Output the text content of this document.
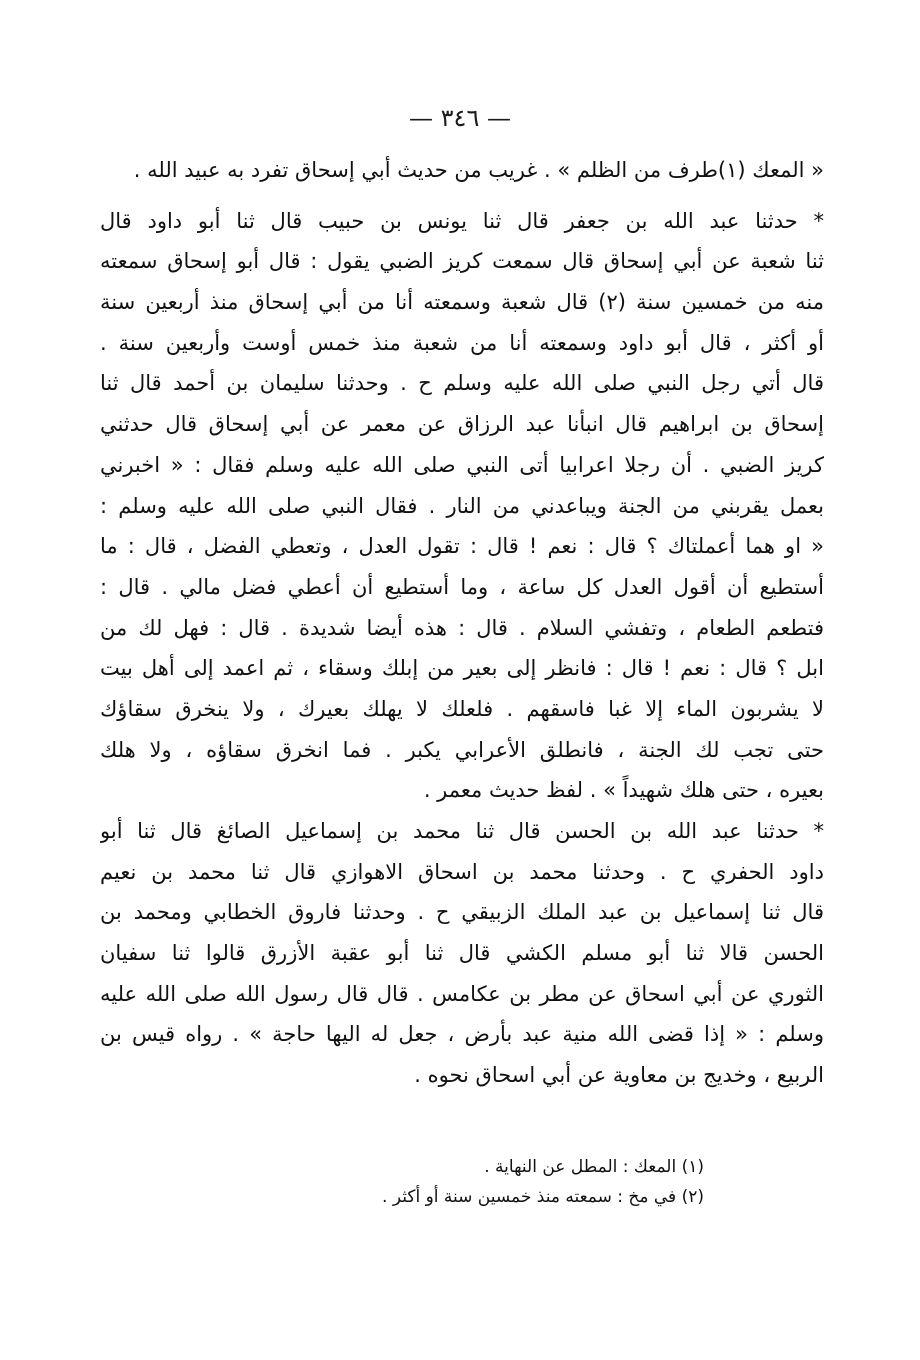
— ٣٤٦ —
« المعك (١)طرف من الظلم » . غريب من حديث أبي إسحاق تفرد به عبيد الله .
* حدثنا عبد الله بن جعفر قال ثنا يونس بن حبيب قال ثنا أبو داود قال
ثنا شعبة عن أبي إسحاق قال سمعت كريز الضبي يقول : قال أبو إسحاق سمعته
منه من خمسين سنة (٢) قال شعبة وسمعته أنا من أبي إسحاق منذ أربعين سنة
أو أكثر ، قال أبو داود وسمعته أنا من شعبة منذ خمس أوست وأربعين سنة .
قال أتي رجل النبي صلى الله عليه وسلم ح . وحدثنا سليمان بن أحمد قال ثنا
إسحاق بن ابراهيم قال انبأنا عبد الرزاق عن معمر عن أبي إسحاق قال حدثني
كريز الضبي . أن رجلا اعرابيا أتى النبي صلى الله عليه وسلم فقال : « اخبرني
بعمل يقربني من الجنة ويباعدني من النار . فقال النبي صلى الله عليه وسلم :
« او هما أعملتاك ؟ قال : نعم ! قال : تقول العدل ، وتعطي الفضل ، قال : ما
أستطيع أن أقول العدل كل ساعة ، وما أستطيع أن أعطي فضل مالي . قال :
فتطعم الطعام ، وتفشي السلام . قال : هذه أيضا شديدة . قال : فهل لك من
ابل ؟ قال : نعم ! قال : فانظر إلى بعير من إبلك وسقاء ، ثم اعمد إلى أهل بيت
لا يشربون الماء إلا غبا فاسقهم . فلعلك لا يهلك بعيرك ، ولا ينخرق سقاؤك
حتى تجب لك الجنة ، فانطلق الأعرابي يكبر . فما انخرق سقاؤه ، ولا هلك
بعيره ، حتى هلك شهيداً » . لفظ حديث معمر .
* حدثنا عبد الله بن الحسن قال ثنا محمد بن إسماعيل الصائغ قال ثنا أبو
داود الحفري ح . وحدثنا محمد بن اسحاق الاهوازي قال ثنا محمد بن نعيم
قال ثنا إسماعيل بن عبد الملك الزبيقي ح . وحدثنا فاروق الخطابي ومحمد بن
الحسن قالا ثنا أبو مسلم الكشي قال ثنا أبو عقبة الأزرق قالوا ثنا سفيان
الثوري عن أبي اسحاق عن مطر بن عكامس . قال قال رسول الله صلى الله عليه
وسلم : « إذا قضى الله منية عبد بأرض ، جعل له اليها حاجة » . رواه قيس بن
الربيع ، وخديج بن معاوية عن أبي اسحاق نحوه .
(١) المعك : المطل عن النهاية .
(٢) في مخ : سمعته منذ خمسين سنة أو أكثر .
